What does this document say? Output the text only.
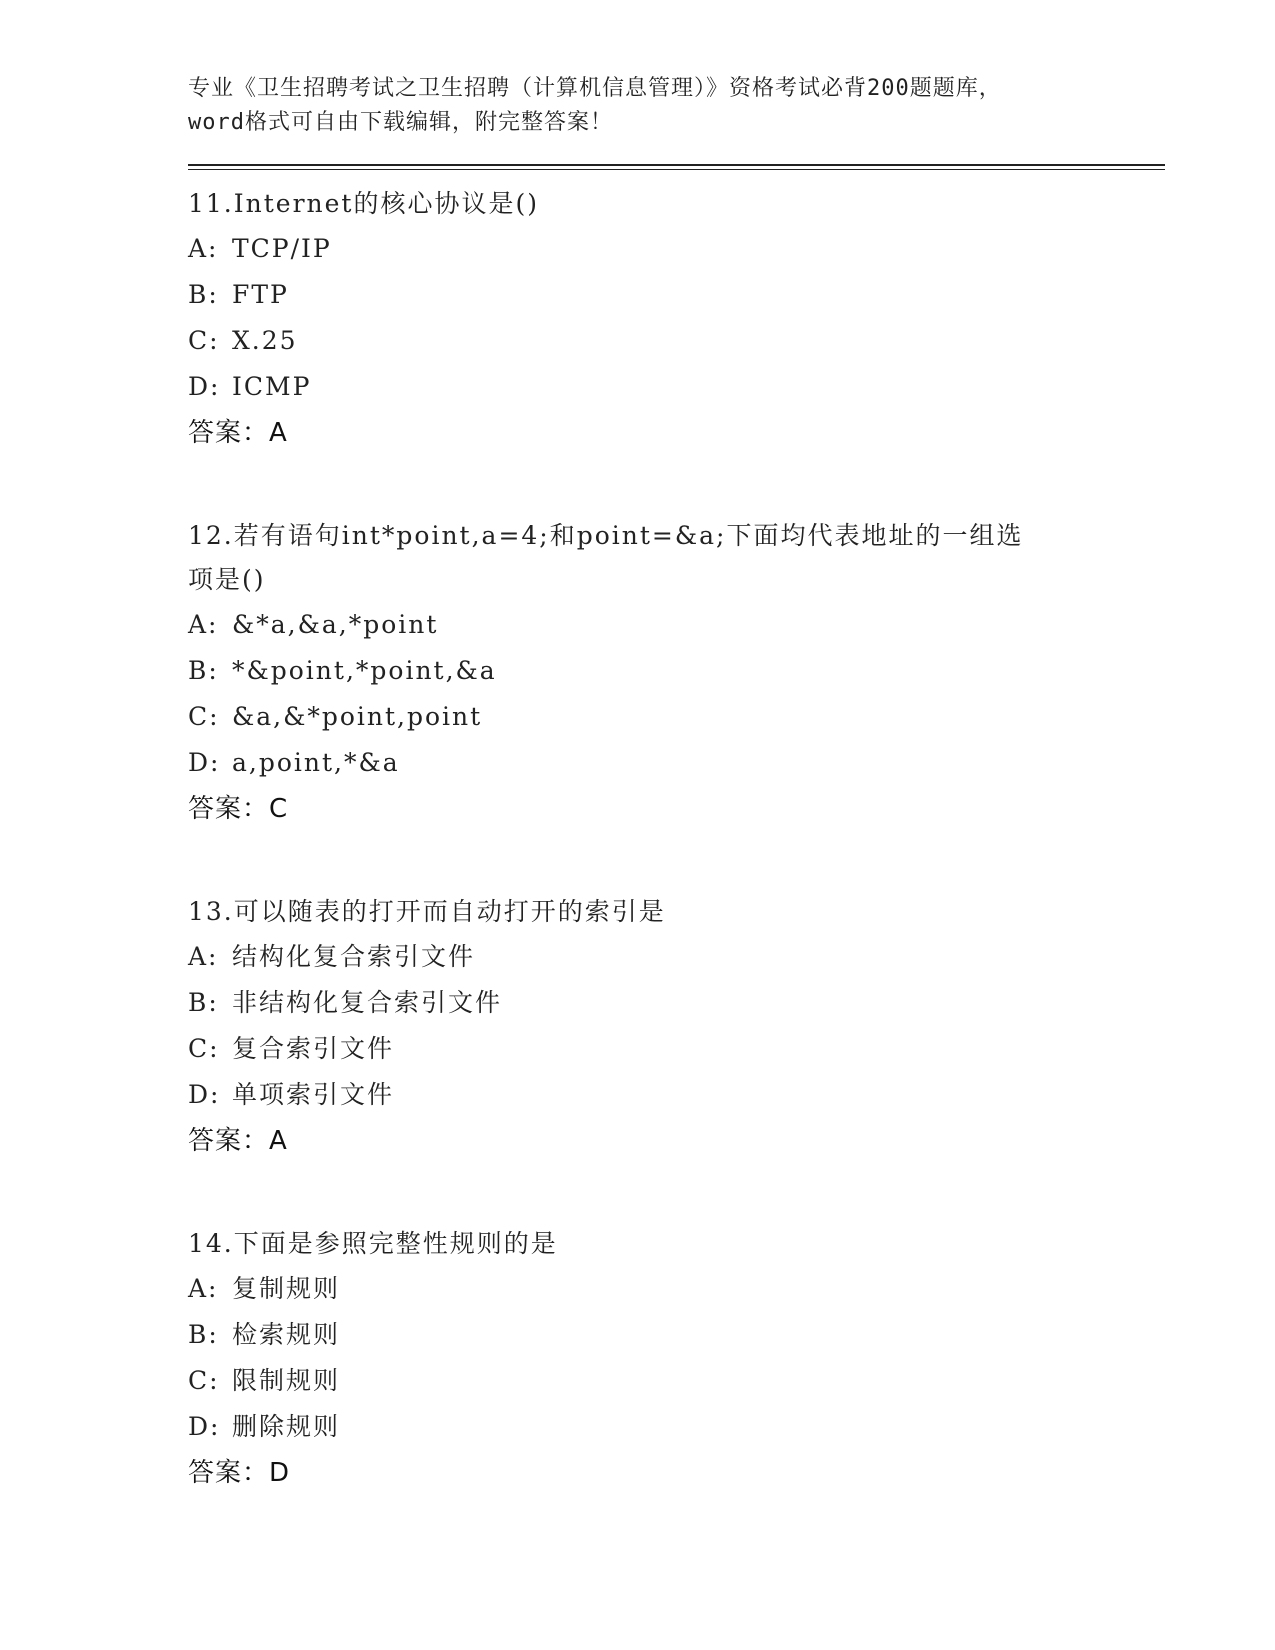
专业《卫生招聘考试之卫生招聘（计算机信息管理）》资格考试必背200题题库，
word格式可自由下载编辑，附完整答案！
11.Internet的核心协议是()
A: TCP/IP
B: FTP
C: X.25
D: ICMP
答案：A
12.若有语句int*point,a=4;和point=&a;下面均代表地址的一组选项是()
A: &*a,&a,*point
B: *&point,*point,&a
C: &a,&*point,point
D: a,point,*&a
答案：C
13.可以随表的打开而自动打开的索引是
A: 结构化复合索引文件
B: 非结构化复合索引文件
C: 复合索引文件
D: 单项索引文件
答案：A
14.下面是参照完整性规则的是
A: 复制规则
B: 检索规则
C: 限制规则
D: 删除规则
答案：D
